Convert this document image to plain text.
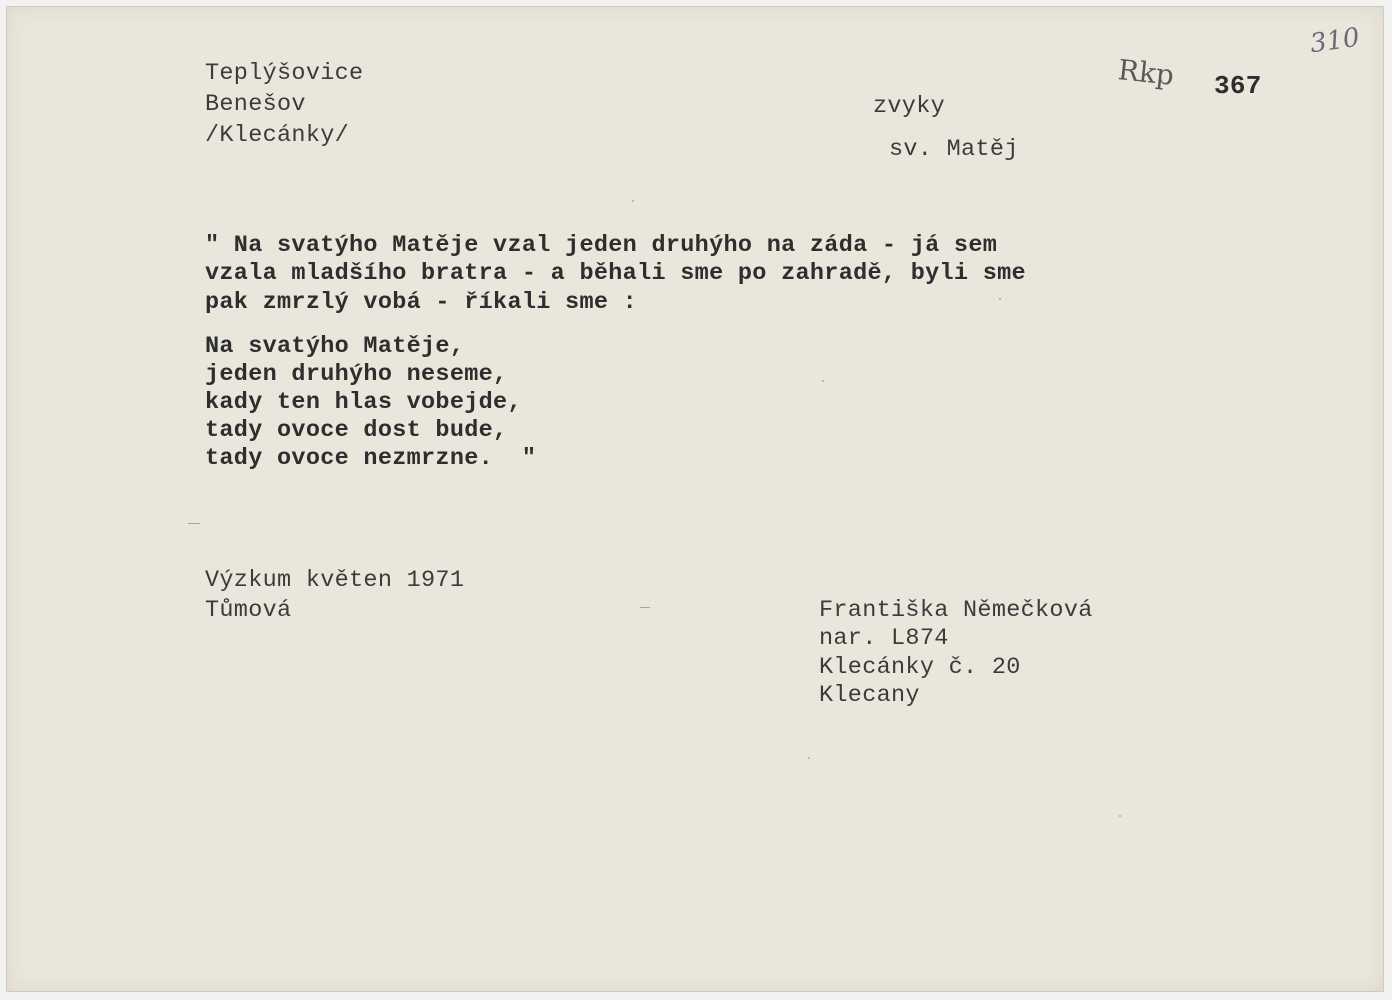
310
Rkp 367
Teplýšovice
Benešov
/Klecánky/
zvyky
sv. Matěj
" Na svatýho Matěje vzal jeden druhýho na záda - já sem
vzala mladšího bratra - a běhali sme po zahradě, byli sme
pak zmrzlý vobá - říkali sme :
Na svatýho Matěje,
jeden druhýho neseme,
kady ten hlas vobejde,
tady ovoce dost bude,
tady ovoce nezmrzne.  "
Výzkum květen 1971
Tůmová	Františka Němečková
nar. L874
Klecánky č. 20
Klecany
